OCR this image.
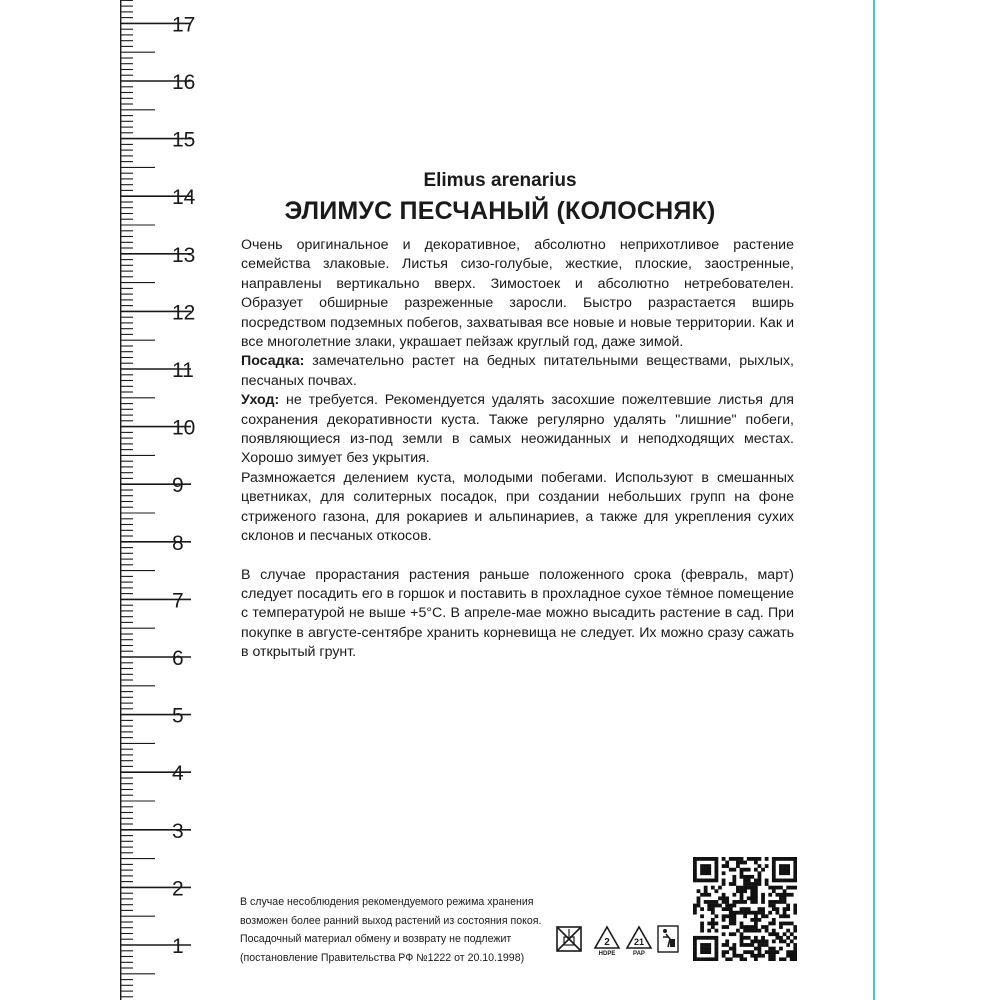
17
16
15
14
13
12
11
10
9
8
7
6
5
4
3
2
1
Elimus arenarius
ЭЛИМУС ПЕСЧАНЫЙ (КОЛОСНЯК)

Очень оригинальное и декоративное, абсолютно неприхотливое растение семейства злаковые. Листья сизо-голубые, жесткие, плоские, заостренные, направлены вертикально вверх. Зимостоек и абсолютно нетребователен. Образует обширные разреженные заросли. Быстро разрастается вширь посредством подземных побегов, захватывая все новые и новые территории. Как и все многолетние злаки, украшает пейзаж круглый год, даже зимой.

Посадка: замечательно растет на бедных питательными веществами, рыхлых, песчаных почвах.

Уход: не требуется. Рекомендуется удалять засохшие пожелтевшие листья для сохранения декоративности куста. Также регулярно удалять "лишние" побеги, появляющиеся из-под земли в самых неожиданных и неподходящих местах. Хорошо зимует без укрытия.

Размножается делением куста, молодыми побегами. Используют в смешанных цветниках, для солитерных посадок, при создании небольших групп на фоне стриженого газона, для рокариев и альпинариев, а также для укрепления сухих склонов и песчаных откосов.

В случае прорастания растения раньше положенного срока (февраль, март) следует посадить его в горшок и поставить в прохладное сухое тёмное помещение с температурой не выше +5°С. В апреле-мае можно высадить растение в сад. При покупке в августе-сентябре хранить корневища не следует. Их можно сразу сажать в открытый грунт.

В случае несоблюдения рекомендуемого режима хранения
возможен более ранний выход растений из состояния покоя.
Посадочный материал обмену и возврату не подлежит
(постановление Правительства РФ №1222 от 20.10.1998)
2
HDPE
21
PAP
